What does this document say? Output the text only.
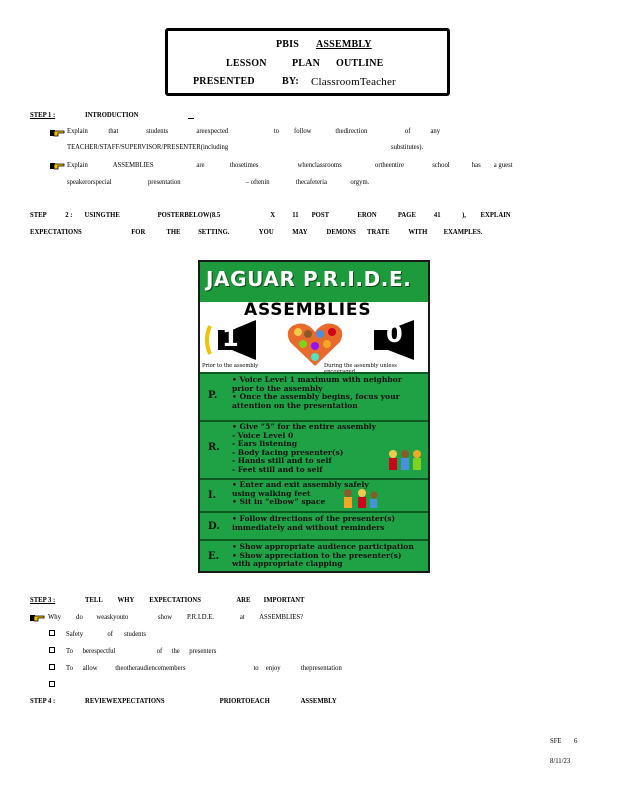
PBIS ASSEMBLY
LESSON	PLAN OUTLINE
PRESENTED	BY: ClassroomTeacher
STEP 1 :	INTRODUCTION
Explain	that	students	areexpected	to follow	thedirection	of	any
TEACHER/STAFF/SUPERVISOR/PRESENTER(including	substitutes).
Explain	ASSEMBLIES	are	thosetimes	whenclassrooms	ortheentire	school	has a guest
speakerorspecial	presentation	– oftenin	thecafeteria	orgym.
STEP 2 : USINGTHE	POSTERBELOW(8.5	X 11 POST	ERON	PAGE 41	), EXPLAIN
EXPECTATIONS	FOR	THE SETTING.	YOU MAY DEMONS TRATE WITH EXAMPLES.
JAGUAR P.R.I.D.E.
ASSEMBLIES
1	0
Prior to the assembly	During the assembly unless
P.
• Voice Level 1 maximum with neighbor
prior to the assembly
• Once the assembly begins, focus your
attention on the presentation
R.
• Give “5” for the entire assembly
- Voice Level 0
- Ears listening
- Body facing presenter(s)
- Hands still and to self
- Feet still and to self
I.
• Enter and exit assembly safely
using walking feet
• Sit in “elbow” space
D.
• Follow directions of the presenter(s)
immediately and without reminders
E.
• Show appropriate audience participation
• Show appreciation to the presenter(s)
with appropriate clapping
STEP 3 :	TELL WHY EXPECTATIONS	ARE IMPORTANT
Why do weaskyouto	show P.R.I.D.E.	at ASSEMBLIES?
Safety	of students
To berespectful	of the presenters
To allow theotheraudiencemembers	to enjoy	thepresentation
STEP 4 :	REVIEWEXPECTATIONS	PRIORTOEACH	ASSEMBLY
SFE 6
8/11/23
